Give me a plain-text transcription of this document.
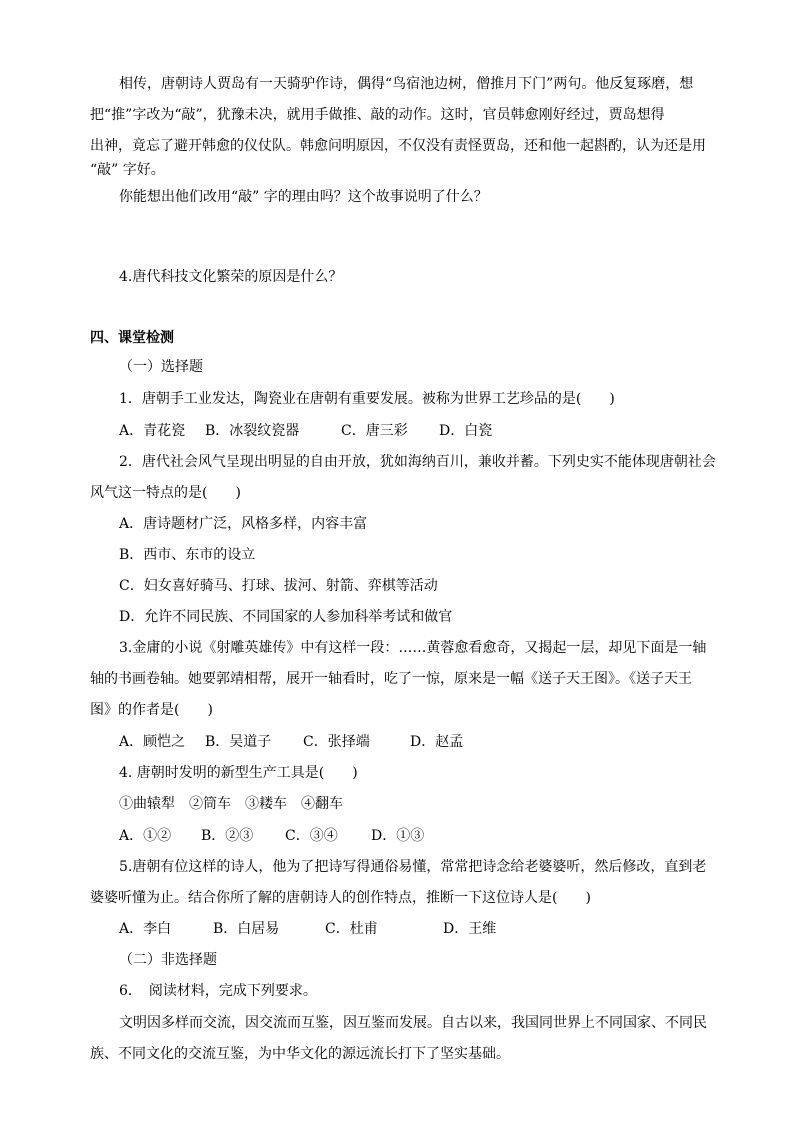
相传，唐朝诗人贾岛有一天骑驴作诗，偶得“鸟宿池边树，僧推月下门”两句。他反复琢磨，想
把“推”字改为“敲”，犹豫未决，就用手做推、敲的动作。这时，官员韩愈刚好经过，贾岛想得
出神，竟忘了避开韩愈的仪仗队。韩愈问明原因，不仅没有责怪贾岛，还和他一起斟酌，认为还是用
“敲” 字好。
你能想出他们改用“敲” 字的理由吗？这个故事说明了什么？
4.唐代科技文化繁荣的原因是什么？
四、课堂检测
（一）选择题
1．唐朝手工业发达，陶瓷业在唐朝有重要发展。被称为世界工艺珍品的是(　　)
A．青花瓷 B．冰裂纹瓷器	C．唐三彩 D．白瓷
2．唐代社会风气呈现出明显的自由开放，犹如海纳百川，兼收并蓄。下列史实不能体现唐朝社会
风气这一特点的是(　　)
A．唐诗题材广泛，风格多样，内容丰富
B．西市、东市的设立
C．妇女喜好骑马、打球、拔河、射箭、弈棋等活动
D．允许不同民族、不同国家的人参加科举考试和做官
3.金庸的小说《射雕英雄传》中有这样一段：……黄蓉愈看愈奇，又揭起一层，却见下面是一轴
轴的书画卷轴。她要郭靖相帮，展开一轴看时，吃了一惊，原来是一幅《送子天王图》。《送子天王
图》的作者是(　　)
A．顾恺之 B．吴道子 C．张择端	D．赵孟
4. 唐朝时发明的新型生产工具是(　　)
①曲辕犁　②筒车　③耧车　④翻车
A．①② B．②③ C．③④ D．①③
5.唐朝有位这样的诗人，他为了把诗写得通俗易懂，常常把诗念给老婆婆听，然后修改，直到老
婆婆听懂为止。结合你所了解的唐朝诗人的创作特点，推断一下这位诗人是(　　)
A．李白	B．白居易	C．杜甫	D．王维
（二）非选择题
6．　阅读材料，完成下列要求。
文明因多样而交流，因交流而互鉴，因互鉴而发展。自古以来，我国同世界上不同国家、不同民
族、不同文化的交流互鉴，为中华文化的源远流长打下了坚实基础。
